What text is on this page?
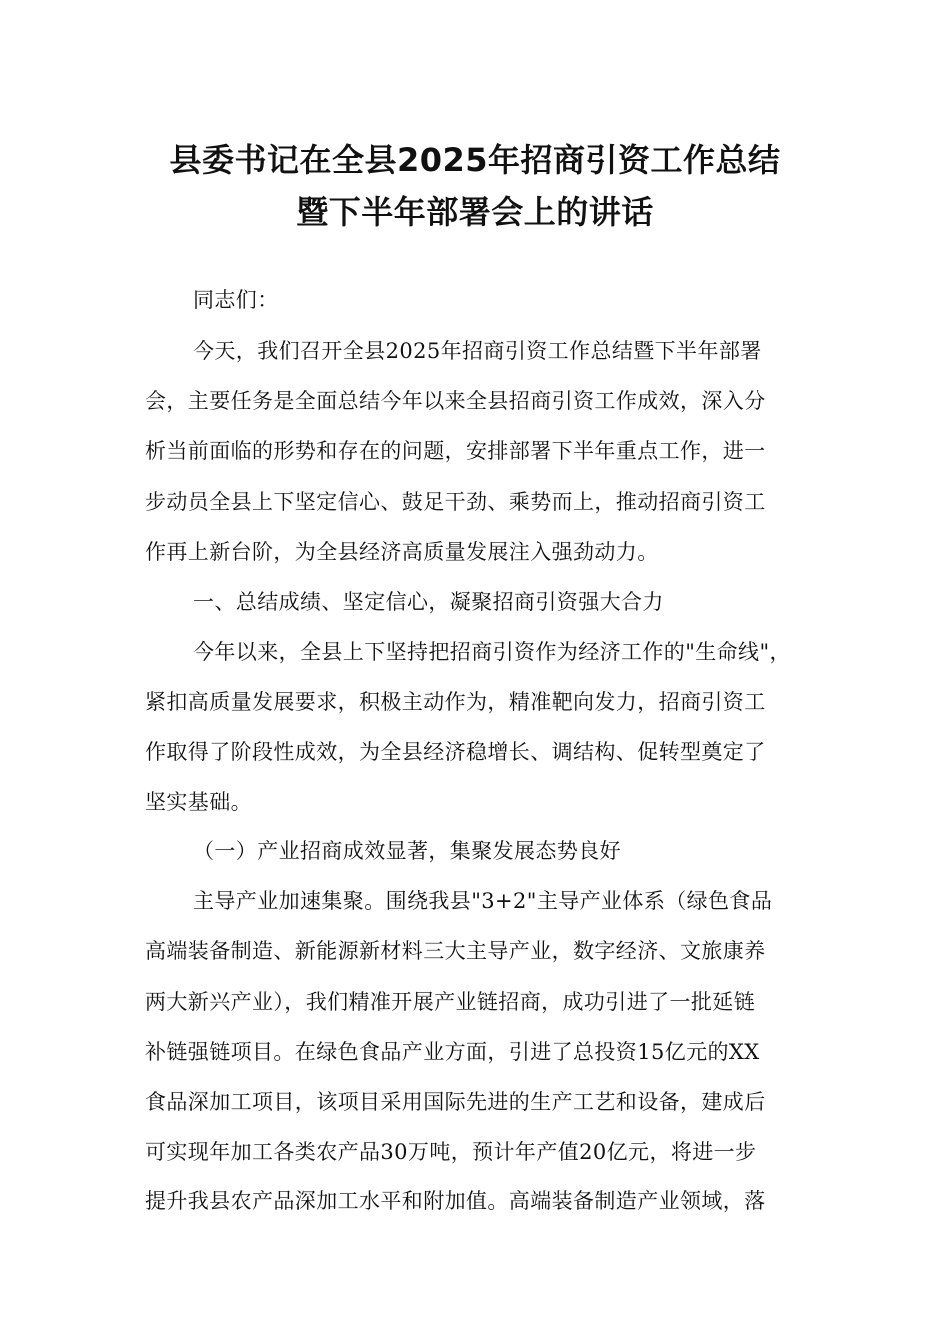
县委书记在全县2025年招商引资工作总结
暨下半年部署会上的讲话
同志们：
今天，我们召开全县2025年招商引资工作总结暨下半年部署
会，主要任务是全面总结今年以来全县招商引资工作成效，深入分
析当前面临的形势和存在的问题，安排部署下半年重点工作，进一
步动员全县上下坚定信心、鼓足干劲、乘势而上，推动招商引资工
作再上新台阶，为全县经济高质量发展注入强劲动力。
一、总结成绩、坚定信心，凝聚招商引资强大合力
今年以来，全县上下坚持把招商引资作为经济工作的"生命线"，
紧扣高质量发展要求，积极主动作为，精准靶向发力，招商引资工
作取得了阶段性成效，为全县经济稳增长、调结构、促转型奠定了
坚实基础。
（一）产业招商成效显著，集聚发展态势良好
主导产业加速集聚。围绕我县"3+2"主导产业体系（绿色食品
高端装备制造、新能源新材料三大主导产业，数字经济、文旅康养
两大新兴产业），我们精准开展产业链招商，成功引进了一批延链
补链强链项目。在绿色食品产业方面，引进了总投资15亿元的XX
食品深加工项目，该项目采用国际先进的生产工艺和设备，建成后
可实现年加工各类农产品30万吨，预计年产值20亿元，将进一步
提升我县农产品深加工水平和附加值。高端装备制造产业领域，落
